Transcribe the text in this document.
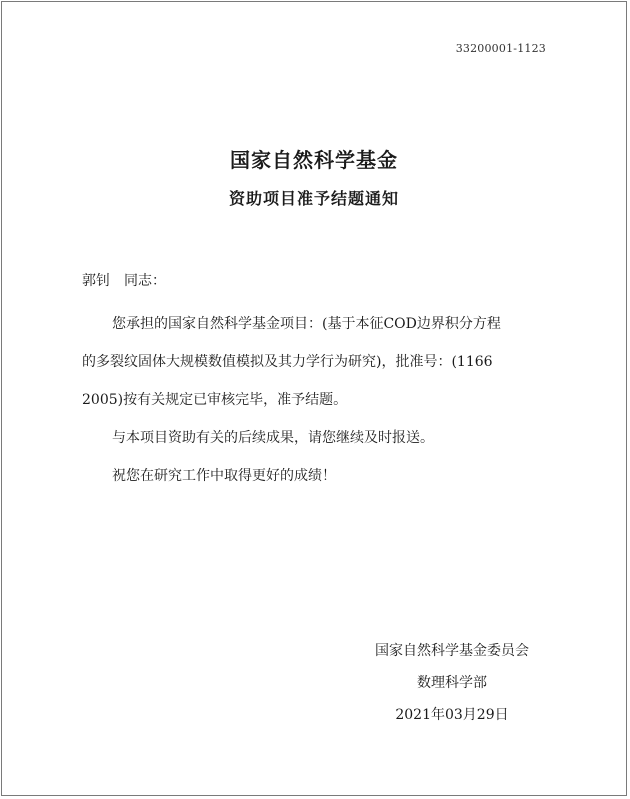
33200001-1123
国家自然科学基金
资助项目准予结题通知
郭钊　同志：
您承担的国家自然科学基金项目：(基于本征COD边界积分方程
的多裂纹固体大规模数值模拟及其力学行为研究)，批准号：(1166
2005)按有关规定已审核完毕，准予结题。
与本项目资助有关的后续成果，请您继续及时报送。
祝您在研究工作中取得更好的成绩！
国家自然科学基金委员会
数理科学部
2021年03月29日
